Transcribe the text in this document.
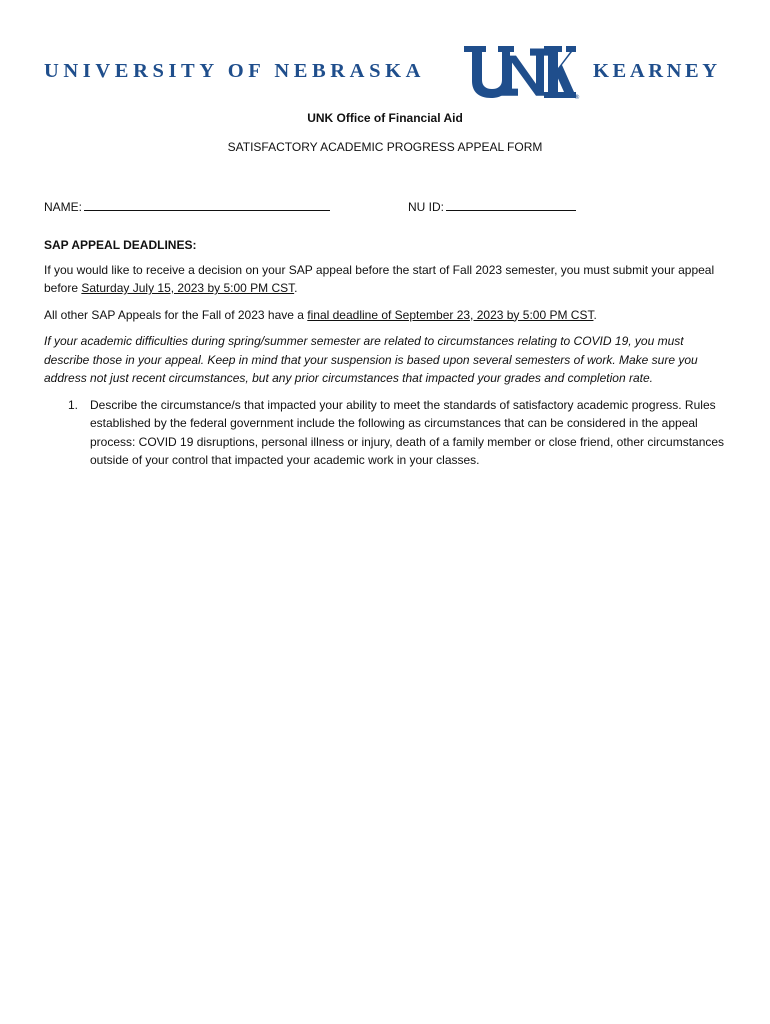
UNIVERSITY OF NEBRASKA
®
KEARNEY
UNK Office of Financial Aid
SATISFACTORY ACADEMIC PROGRESS APPEAL FORM
NAME:	NU ID:

SAP APPEAL DEADLINES:

If you would like to receive a decision on your SAP appeal before the start of Fall 2023 semester, you must submit your appeal before Saturday July 15, 2023 by 5:00 PM CST.

All other SAP Appeals for the Fall of 2023 have a final deadline of September 23, 2023 by 5:00 PM CST.

If your academic difficulties during spring/summer semester are related to circumstances relating to COVID 19, you must describe those in your appeal. Keep in mind that your suspension is based upon several semesters of work. Make sure you address not just recent circumstances, but any prior circumstances that impacted your grades and completion rate.

1. Describe the circumstance/s that impacted your ability to meet the standards of satisfactory academic progress. Rules established by the federal government include the following as circumstances that can be considered in the appeal process: COVID 19 disruptions, personal illness or injury, death of a family member or close friend, other circumstances outside of your control that impacted your academic work in your classes.
